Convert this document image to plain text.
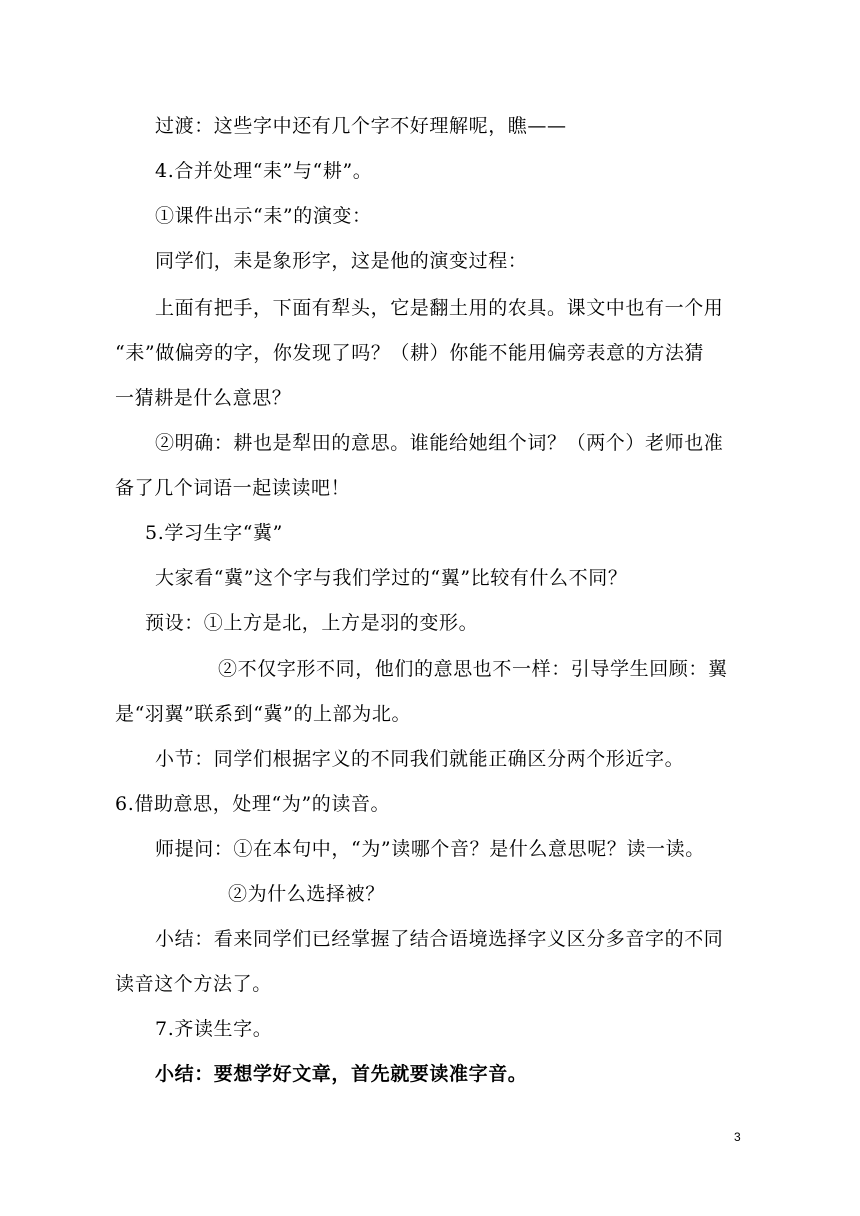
过渡：这些字中还有几个字不好理解呢，瞧——
4.合并处理“耒”与“耕”。
①课件出示“耒”的演变：
同学们，耒是象形字，这是他的演变过程：
上面有把手，下面有犁头，它是翻土用的农具。课文中也有一个用
“耒”做偏旁的字，你发现了吗？（耕）你能不能用偏旁表意的方法猜
一猜耕是什么意思？
②明确：耕也是犁田的意思。谁能给她组个词？（两个）老师也准
备了几个词语一起读读吧！
5.学习生字“冀”
大家看“冀”这个字与我们学过的“翼”比较有什么不同？
预设：①上方是北，上方是羽的变形。
②不仅字形不同，他们的意思也不一样：引导学生回顾：翼
是“羽翼”联系到“冀”的上部为北。
小节：同学们根据字义的不同我们就能正确区分两个形近字。
6.借助意思，处理“为”的读音。
师提问：①在本句中，“为”读哪个音？是什么意思呢？读一读。
②为什么选择被？
小结：看来同学们已经掌握了结合语境选择字义区分多音字的不同
读音这个方法了。
7.齐读生字。
小结：要想学好文章，首先就要读准字音。
3
